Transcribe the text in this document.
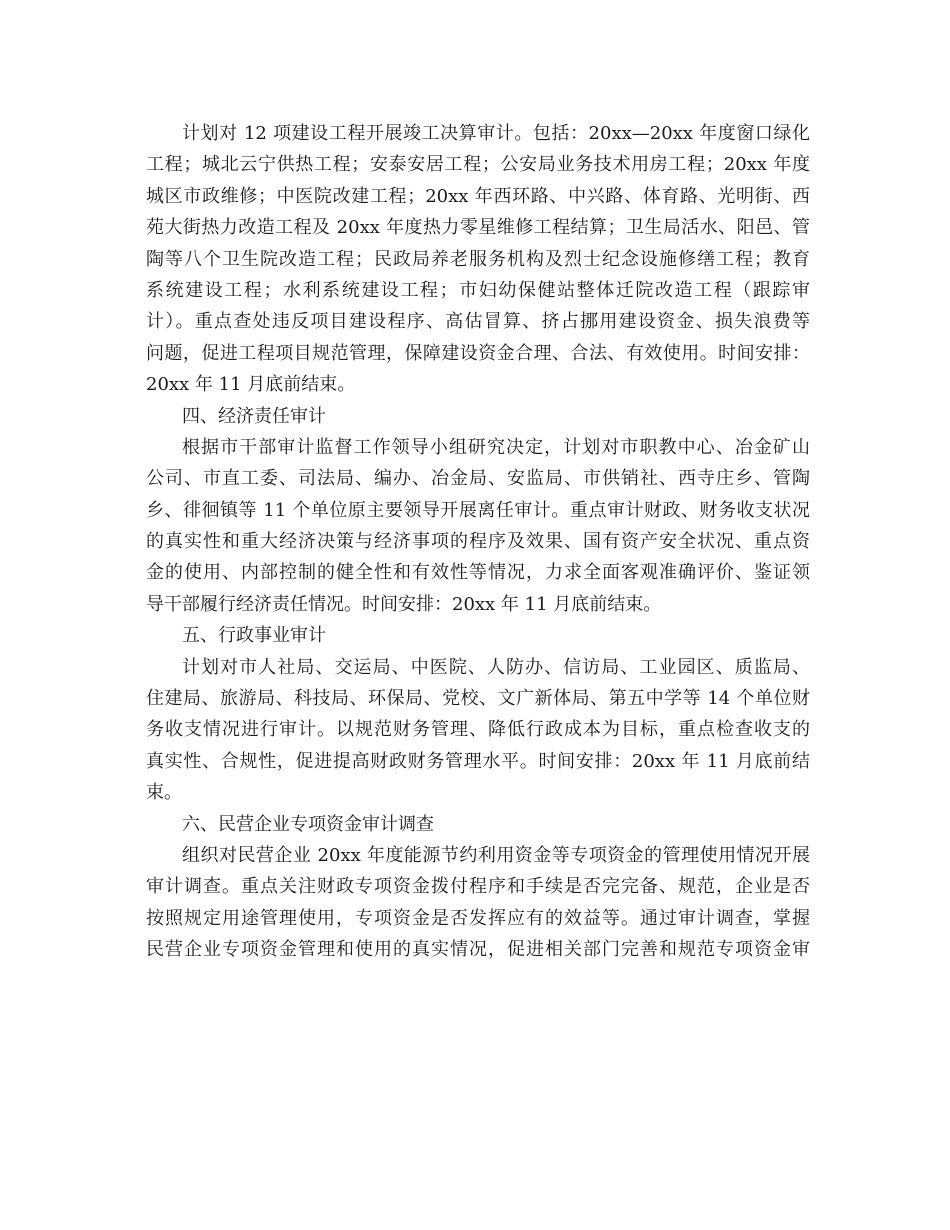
计划对 12 项建设工程开展竣工决算审计。包括：20xx—20xx 年度窗口绿化
工程；城北云宁供热工程；安泰安居工程；公安局业务技术用房工程；20xx 年度
城区市政维修；中医院改建工程；20xx 年西环路、中兴路、体育路、光明街、西
苑大街热力改造工程及 20xx 年度热力零星维修工程结算；卫生局活水、阳邑、管
陶等八个卫生院改造工程；民政局养老服务机构及烈士纪念设施修缮工程；教育
系统建设工程；水利系统建设工程；市妇幼保健站整体迁院改造工程（跟踪审
计）。重点查处违反项目建设程序、高估冒算、挤占挪用建设资金、损失浪费等
问题，促进工程项目规范管理，保障建设资金合理、合法、有效使用。时间安排：
20xx 年 11 月底前结束。
四、经济责任审计
根据市干部审计监督工作领导小组研究决定，计划对市职教中心、冶金矿山
公司、市直工委、司法局、编办、冶金局、安监局、市供销社、西寺庄乡、管陶
乡、徘徊镇等 11 个单位原主要领导开展离任审计。重点审计财政、财务收支状况
的真实性和重大经济决策与经济事项的程序及效果、国有资产安全状况、重点资
金的使用、内部控制的健全性和有效性等情况，力求全面客观准确评价、鉴证领
导干部履行经济责任情况。时间安排：20xx 年 11 月底前结束。
五、行政事业审计
计划对市人社局、交运局、中医院、人防办、信访局、工业园区、质监局、
住建局、旅游局、科技局、环保局、党校、文广新体局、第五中学等 14 个单位财
务收支情况进行审计。以规范财务管理、降低行政成本为目标，重点检查收支的
真实性、合规性，促进提高财政财务管理水平。时间安排：20xx 年 11 月底前结
束。
六、民营企业专项资金审计调查
组织对民营企业 20xx 年度能源节约利用资金等专项资金的管理使用情况开展
审计调查。重点关注财政专项资金拨付程序和手续是否完完备、规范，企业是否
按照规定用途管理使用，专项资金是否发挥应有的效益等。通过审计调查，掌握
民营企业专项资金管理和使用的真实情况，促进相关部门完善和规范专项资金审
